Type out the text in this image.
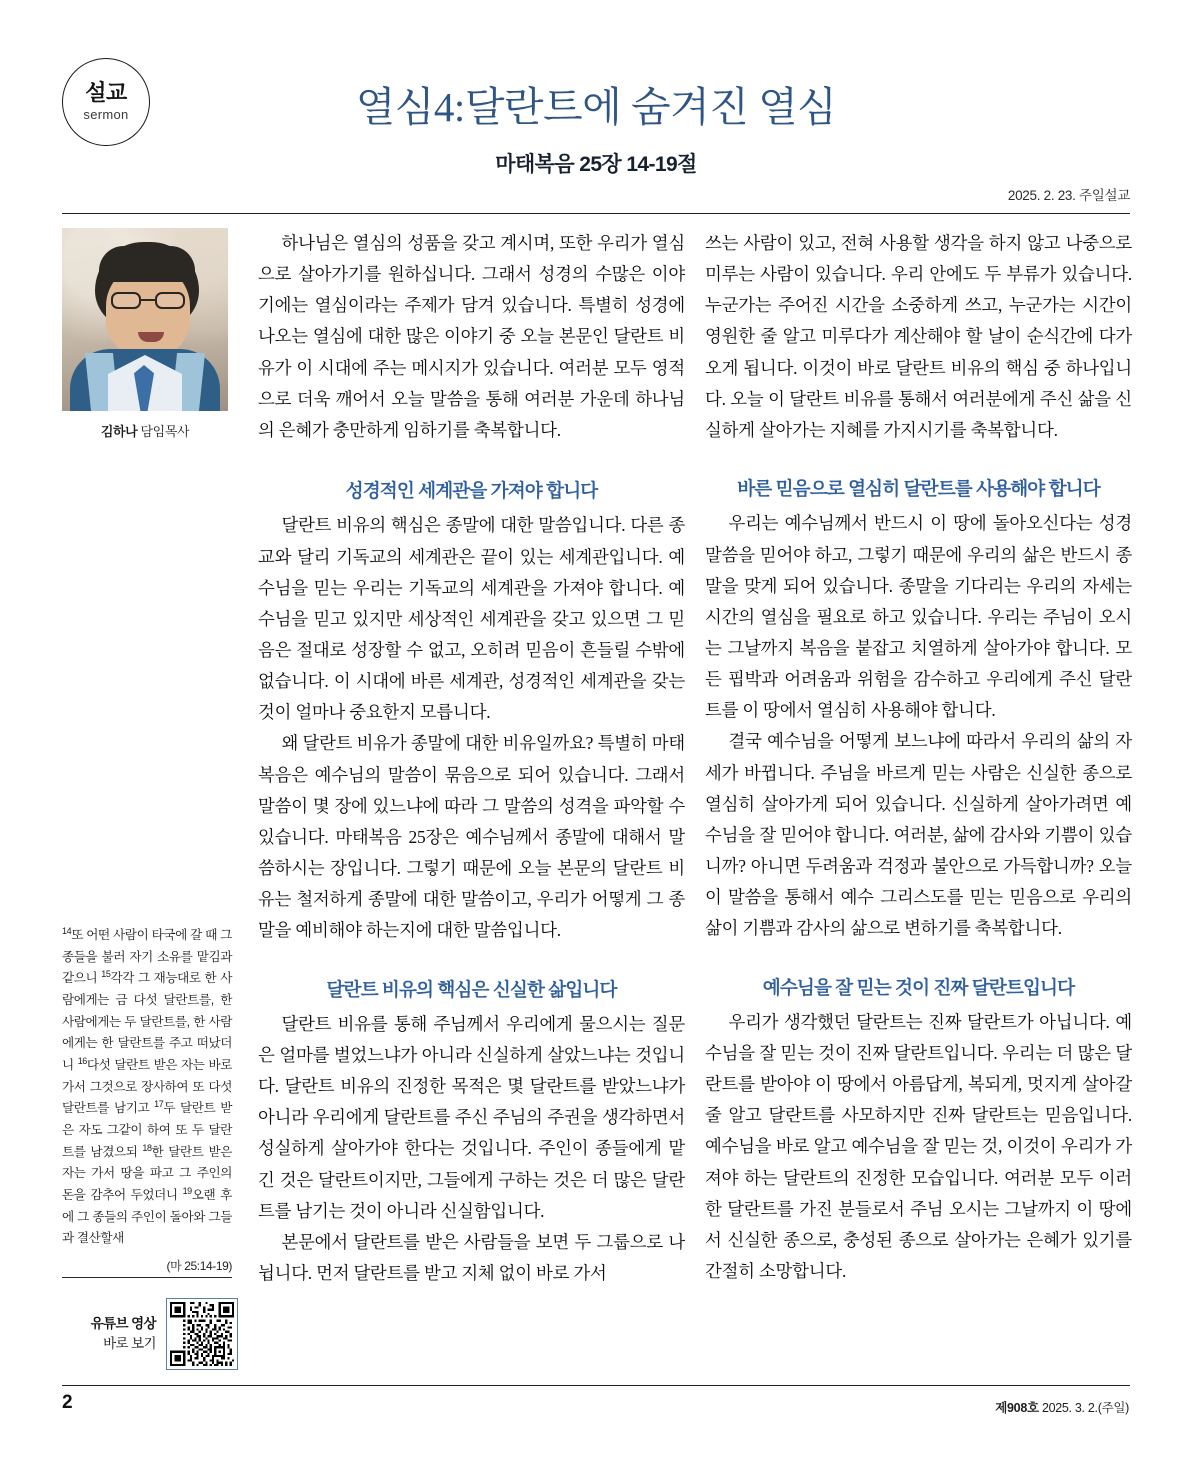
설교
sermon	열심4:달란트에 숨겨진 열심
마태복음 25장 14-19절
2025. 2. 23. 주일설교
김하나 담임목사
$^{14}$또 어떤 사람이 타국에 갈 때 그 종들을 불러 자기 소유를 맡김과 같으니 $^{15}$각각 그 재능대로 한 사람에게는 금 다섯 달란트를, 한 사람에게는 두 달란트를, 한 사람에게는 한 달란트를 주고 떠났더니 $^{16}$다섯 달란트 받은 자는 바로 가서 그것으로 장사하여 또 다섯 달란트를 남기고 $^{17}$두 달란트 받은 자도 그같이 하여 또 두 달란트를 남겼으되 $^{18}$한 달란트 받은 자는 가서 땅을 파고 그 주인의 돈을 감추어 두었더니 $^{19}$오랜 후에 그 종들의 주인이 돌아와 그들과 결산할새
(마 25:14-19)
유튜브 영상
바로 보기

하나님은 열심의 성품을 갖고 계시며, 또한 우리가 열심으로 살아가기를 원하십니다. 그래서 성경의 수많은 이야기에는 열심이라는 주제가 담겨 있습니다. 특별히 성경에 나오는 열심에 대한 많은 이야기 중 오늘 본문인 달란트 비유가 이 시대에 주는 메시지가 있습니다. 여러분 모두 영적으로 더욱 깨어서 오늘 말씀을 통해 여러분 가운데 하나님의 은혜가 충만하게 임하기를 축복합니다.

성경적인 세계관을 가져야 합니다

달란트 비유의 핵심은 종말에 대한 말씀입니다. 다른 종교와 달리 기독교의 세계관은 끝이 있는 세계관입니다. 예수님을 믿는 우리는 기독교의 세계관을 가져야 합니다. 예수님을 믿고 있지만 세상적인 세계관을 갖고 있으면 그 믿음은 절대로 성장할 수 없고, 오히려 믿음이 흔들릴 수밖에 없습니다. 이 시대에 바른 세계관, 성경적인 세계관을 갖는 것이 얼마나 중요한지 모릅니다.

왜 달란트 비유가 종말에 대한 비유일까요? 특별히 마태복음은 예수님의 말씀이 묶음으로 되어 있습니다. 그래서 말씀이 몇 장에 있느냐에 따라 그 말씀의 성격을 파악할 수 있습니다. 마태복음 25장은 예수님께서 종말에 대해서 말씀하시는 장입니다. 그렇기 때문에 오늘 본문의 달란트 비유는 철저하게 종말에 대한 말씀이고, 우리가 어떻게 그 종말을 예비해야 하는지에 대한 말씀입니다.

달란트 비유의 핵심은 신실한 삶입니다

달란트 비유를 통해 주님께서 우리에게 물으시는 질문은 얼마를 벌었느냐가 아니라 신실하게 살았느냐는 것입니다. 달란트 비유의 진정한 목적은 몇 달란트를 받았느냐가 아니라 우리에게 달란트를 주신 주님의 주권을 생각하면서 성실하게 살아가야 한다는 것입니다. 주인이 종들에게 맡긴 것은 달란트이지만, 그들에게 구하는 것은 더 많은 달란트를 남기는 것이 아니라 신실함입니다.

본문에서 달란트를 받은 사람들을 보면 두 그룹으로 나뉩니다. 먼저 달란트를 받고 지체 없이 바로 가서

쓰는 사람이 있고, 전혀 사용할 생각을 하지 않고 나중으로 미루는 사람이 있습니다. 우리 안에도 두 부류가 있습니다. 누군가는 주어진 시간을 소중하게 쓰고, 누군가는 시간이 영원한 줄 알고 미루다가 계산해야 할 날이 순식간에 다가오게 됩니다. 이것이 바로 달란트 비유의 핵심 중 하나입니다. 오늘 이 달란트 비유를 통해서 여러분에게 주신 삶을 신실하게 살아가는 지혜를 가지시기를 축복합니다.

바른 믿음으로 열심히 달란트를 사용해야 합니다

우리는 예수님께서 반드시 이 땅에 돌아오신다는 성경 말씀을 믿어야 하고, 그렇기 때문에 우리의 삶은 반드시 종말을 맞게 되어 있습니다. 종말을 기다리는 우리의 자세는 시간의 열심을 필요로 하고 있습니다. 우리는 주님이 오시는 그날까지 복음을 붙잡고 치열하게 살아가야 합니다. 모든 핍박과 어려움과 위험을 감수하고 우리에게 주신 달란트를 이 땅에서 열심히 사용해야 합니다.

결국 예수님을 어떻게 보느냐에 따라서 우리의 삶의 자세가 바뀝니다. 주님을 바르게 믿는 사람은 신실한 종으로 열심히 살아가게 되어 있습니다. 신실하게 살아가려면 예수님을 잘 믿어야 합니다. 여러분, 삶에 감사와 기쁨이 있습니까? 아니면 두려움과 걱정과 불안으로 가득합니까? 오늘 이 말씀을 통해서 예수 그리스도를 믿는 믿음으로 우리의 삶이 기쁨과 감사의 삶으로 변하기를 축복합니다.

예수님을 잘 믿는 것이 진짜 달란트입니다

우리가 생각했던 달란트는 진짜 달란트가 아닙니다. 예수님을 잘 믿는 것이 진짜 달란트입니다. 우리는 더 많은 달란트를 받아야 이 땅에서 아름답게, 복되게, 멋지게 살아갈 줄 알고 달란트를 사모하지만 진짜 달란트는 믿음입니다. 예수님을 바로 알고 예수님을 잘 믿는 것, 이것이 우리가 가져야 하는 달란트의 진정한 모습입니다. 여러분 모두 이러한 달란트를 가진 분들로서 주님 오시는 그날까지 이 땅에서 신실한 종으로, 충성된 종으로 살아가는 은혜가 있기를 간절히 소망합니다.

2	제908호 2025. 3. 2.(주일)
